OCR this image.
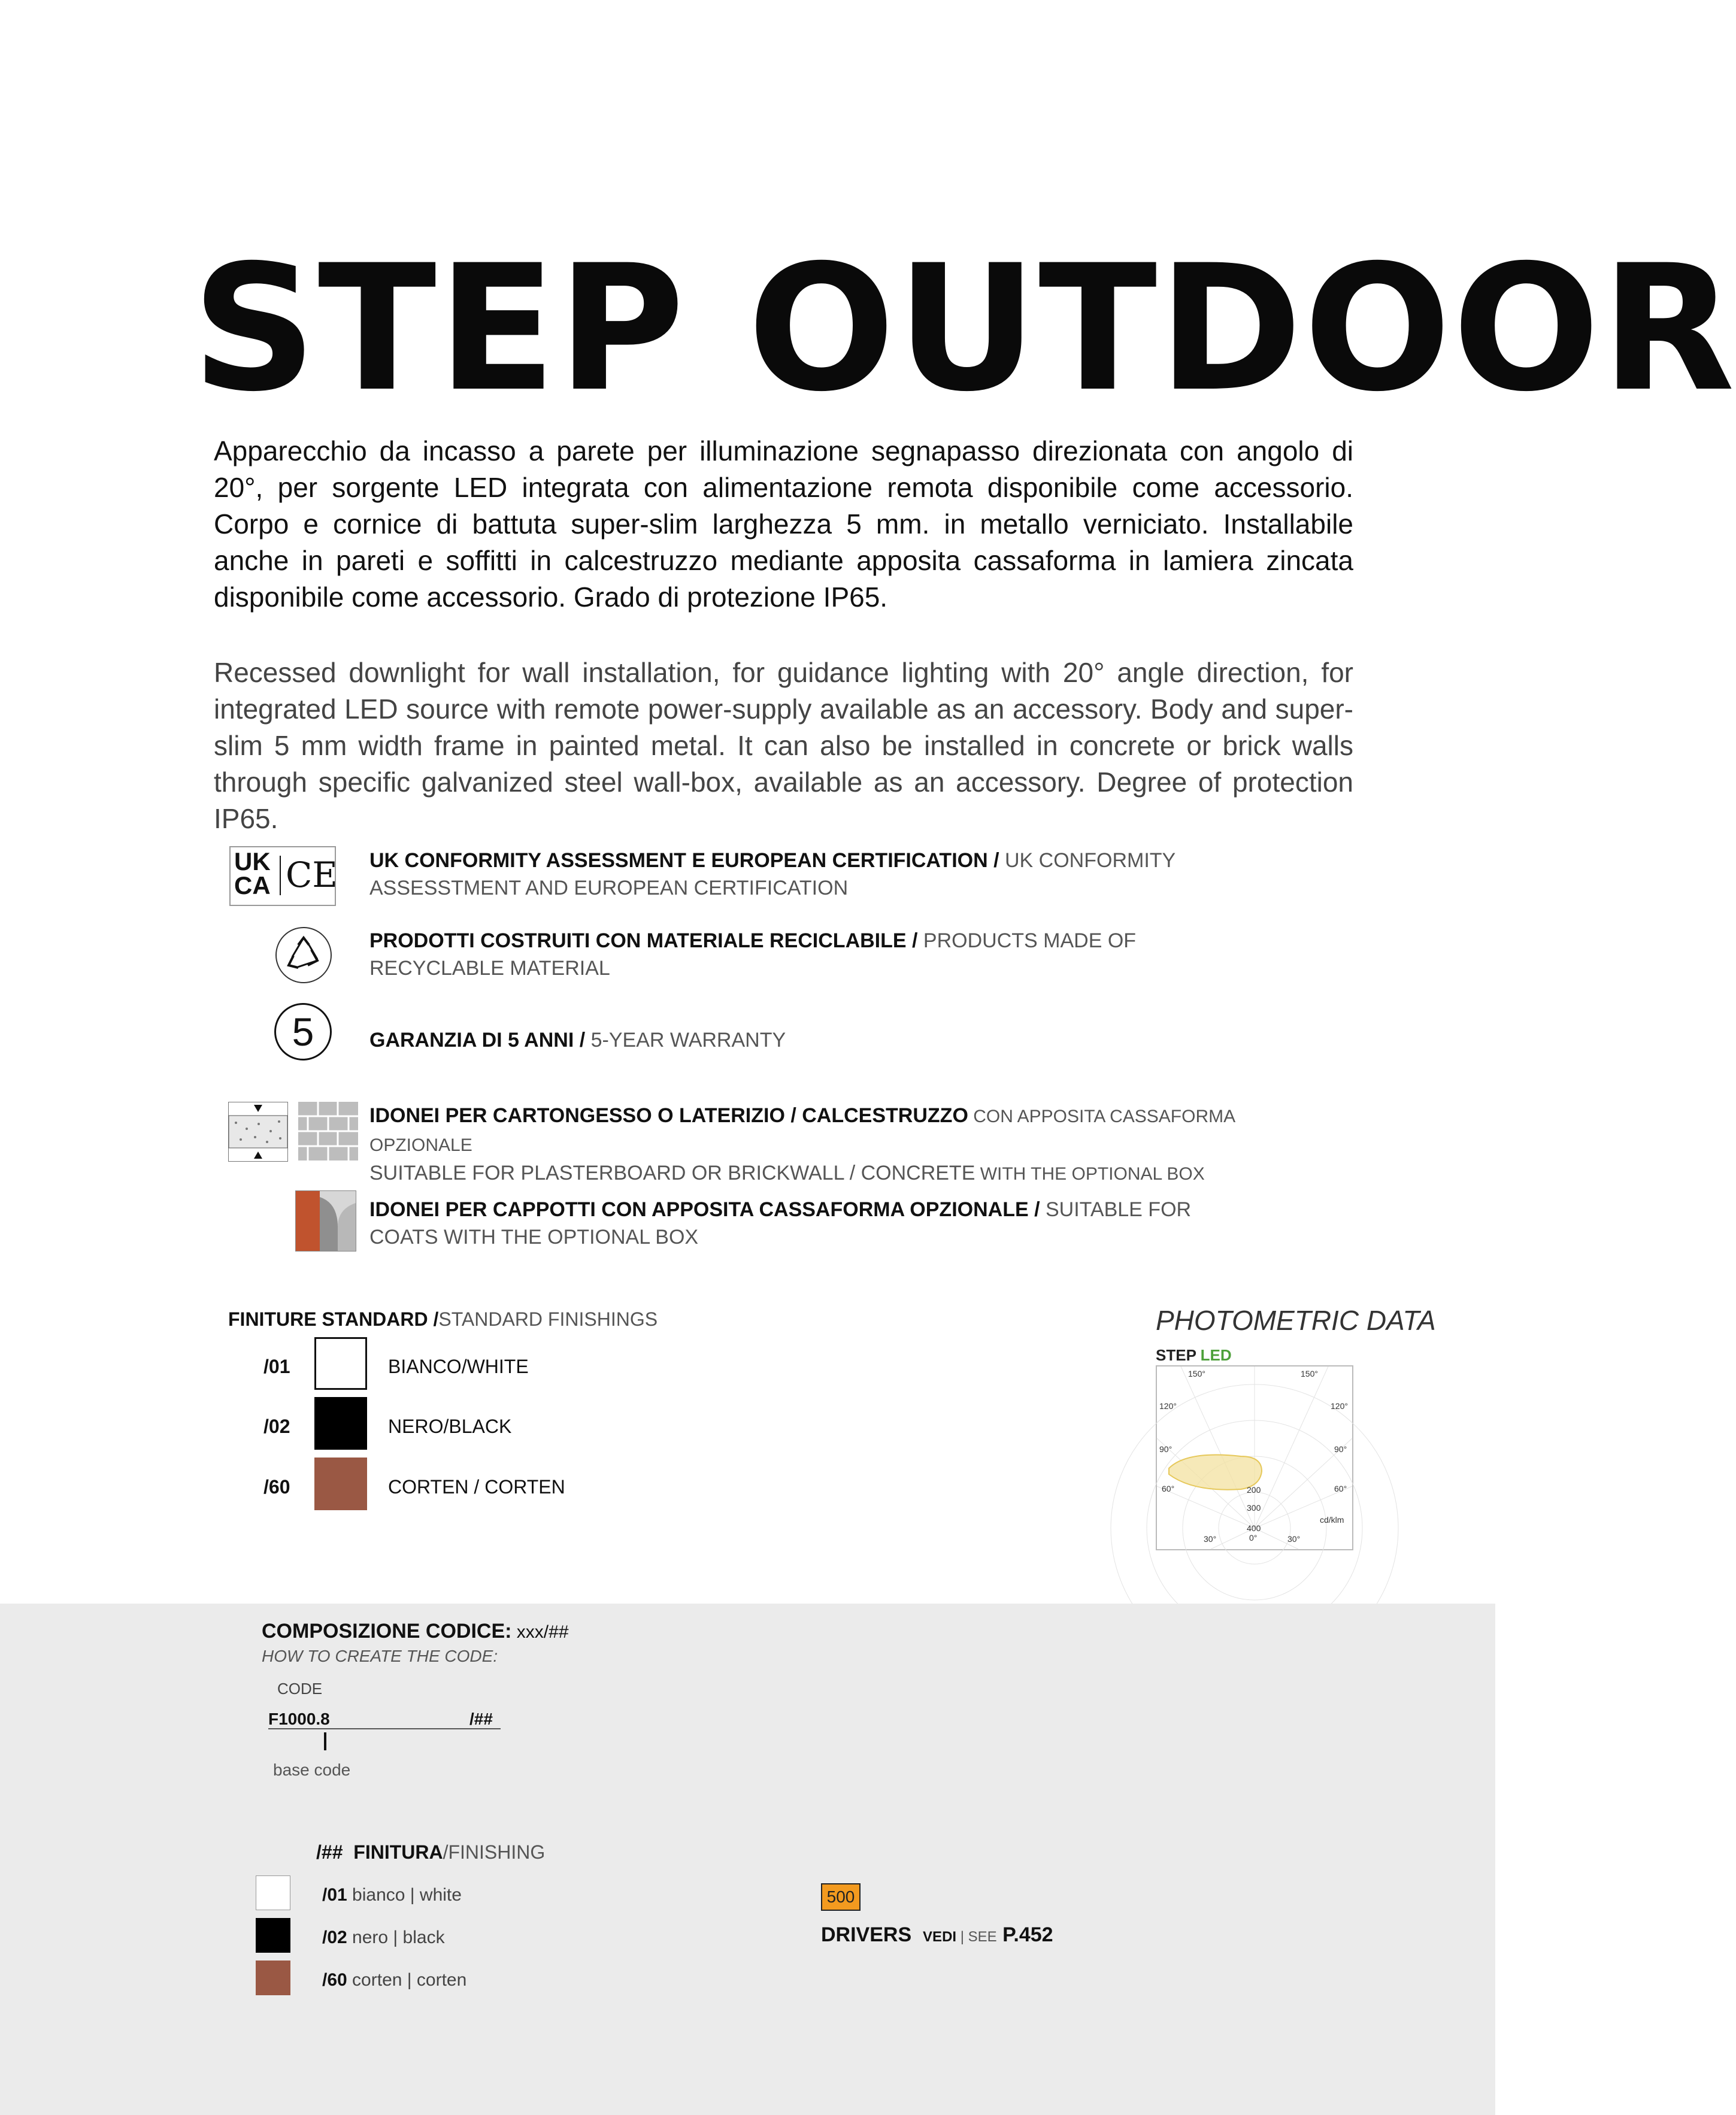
STEP OUTDOOR
Apparecchio da incasso a parete per illuminazione segnapasso direzionata con angolo di 20°, per sorgente LED integrata con alimentazione remota disponibile come accessorio. Corpo e cornice di battuta super-slim larghezza 5 mm. in metallo verniciato. Installabile anche in pareti e soffitti in calcestruzzo mediante apposita cassaforma in lamiera zincata disponibile come accessorio. Grado di protezione IP65.
Recessed downlight for wall installation, for guidance lighting with 20° angle direction, for integrated LED source with remote power-supply available as an accessory. Body and super-slim 5 mm width frame in painted metal. It can also be installed in concrete or brick walls through specific galvanized steel wall-box, available as an accessory. Degree of protection IP65.
UK
CA CE
5
UK CONFORMITY ASSESSMENT E EUROPEAN CERTIFICATION / UK CONFORMITY ASSESSTMENT AND EUROPEAN CERTIFICATION
PRODOTTI COSTRUITI CON MATERIALE RECICLABILE / PRODUCTS MADE OF RECYCLABLE MATERIAL
GARANZIA DI 5 ANNI / 5-YEAR WARRANTY
IDONEI PER CARTONGESSO O LATERIZIO / CALCESTRUZZO CON APPOSITA CASSAFORMA OPZIONALE
SUITABLE FOR PLASTERBOARD OR BRICKWALL / CONCRETE WITH THE OPTIONAL BOX
IDONEI PER CAPPOTTI CON APPOSITA CASSAFORMA OPZIONALE / SUITABLE FOR COATS WITH THE OPTIONAL BOX
FINITURE STANDARD /STANDARD FINISHINGS
/01	BIANCO/WHITE
/02	NERO/BLACK
/60	CORTEN / CORTEN
PHOTOMETRIC DATA
STEP LED
150°	150°
120°	120°
90°	90°
60°	60°
200
300
cd/klm
400
30°	0°	30°
COMPOSIZIONE CODICE: xxx/##
HOW TO CREATE THE CODE:
CODE
F1000.8	/##
base code
/## FINITURA/FINISHING
/01 bianco | white
/02 nero | black
/60 corten | corten
500
DRIVERS VEDI | SEE P.452
